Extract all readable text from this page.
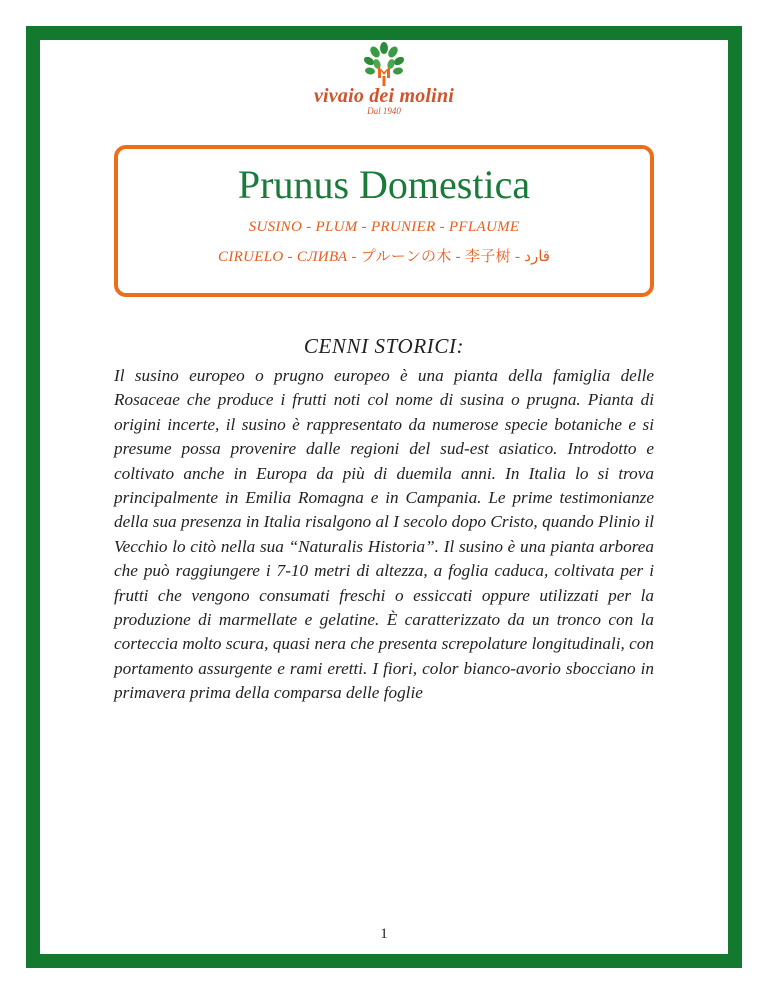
vivaio dei molini
Dal 1940
Prunus Domestica
SUSINO - PLUM - PRUNIER - PFLAUME
CIRUELO - СЛИВА - プルーンの木 - 李子树 - قارد
CENNI STORICI:
Il susino europeo o prugno europeo è una pianta della famiglia delle Rosaceae che produce i frutti noti col nome di susina o prugna. Pianta di origini incerte, il susino è rappresentato da numerose specie botaniche e si presume possa provenire dalle regioni del sud-est asiatico. Introdotto e coltivato anche in Europa da più di duemila anni. In Italia lo si trova principalmente in Emilia Romagna e in Campania. Le prime testimonianze della sua presenza in Italia risalgono al I secolo dopo Cristo, quando Plinio il Vecchio lo citò nella sua “Naturalis Historia”. Il susino è una pianta arborea che può raggiungere i 7-10 metri di altezza, a foglia caduca, coltivata per i frutti che vengono consumati freschi o essiccati oppure utilizzati per la produzione di marmellate e gelatine. È caratterizzato da un tronco con la corteccia molto scura, quasi nera che presenta screpolature longitudinali, con portamento assurgente e rami eretti. I fiori, color bianco-avorio sbocciano in primavera prima della comparsa delle foglie
1
